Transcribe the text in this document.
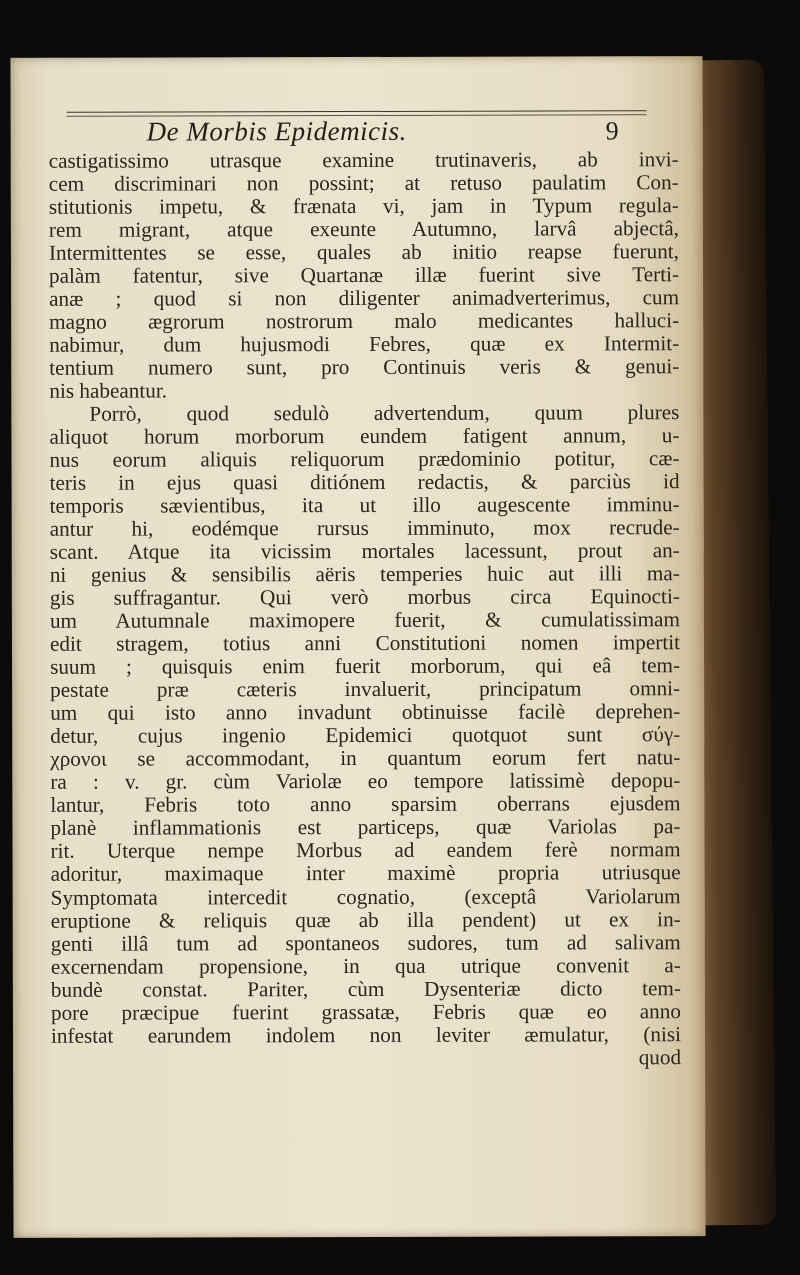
De Morbis Epidemicis.	9
castigatissimo utrasque examine trutinaveris, ab invi-
cem discriminari non possint; at retuso paulatim Con-
stitutionis impetu, & frænata vi, jam in Typum regula-
rem migrant, atque exeunte Autumno, larvâ abjectâ,
Intermittentes se esse, quales ab initio reapse fuerunt,
palàm fatentur, sive Quartanæ illæ fuerint sive Terti-
anæ ; quod si non diligenter animadverterimus, cum
magno ægrorum nostrorum malo medicantes halluci-
nabimur, dum hujusmodi Febres, quæ ex Intermit-
tentium numero sunt, pro Continuis veris & genui-
nis habeantur.
Porrò, quod sedulò advertendum, quum plures
aliquot horum morborum eundem fatigent annum, u-
nus eorum aliquis reliquorum prædominio potitur, cæ-
teris in ejus quasi ditiónem redactis, & parciùs id
temporis sævientibus, ita ut illo augescente imminu-
antur hi, eodémque rursus imminuto, mox recrude-
scant. Atque ita vicissim mortales lacessunt, prout an-
ni genius & sensibilis aëris temperies huic aut illi ma-
gis suffragantur. Qui verò morbus circa Equinocti-
um Autumnale maximopere fuerit, & cumulatissimam
edit stragem, totius anni Constitutioni nomen impertit
suum ; quisquis enim fuerit morborum, qui eâ tem-
pestate præ cæteris invaluerit, principatum omni-
um qui isto anno invadunt obtinuisse facilè deprehen-
detur, cujus ingenio Epidemici quotquot sunt σύγ-
χρονοι se accommodant, in quantum eorum fert natu-
ra : v. gr. cùm Variolæ eo tempore latissimè depopu-
lantur, Febris toto anno sparsim oberrans ejusdem
planè inflammationis est particeps, quæ Variolas pa-
rit. Uterque nempe Morbus ad eandem ferè normam
adoritur, maximaque inter maximè propria utriusque
Symptomata intercedit cognatio, (exceptâ Variolarum
eruptione & reliquis quæ ab illa pendent) ut ex in-
genti illâ tum ad spontaneos sudores, tum ad salivam
excernendam propensione, in qua utrique convenit a-
bundè constat. Pariter, cùm Dysenteriæ dicto tem-
pore præcipue fuerint grassatæ, Febris quæ eo anno
infestat earundem indolem non leviter æmulatur, (nisi
quod
